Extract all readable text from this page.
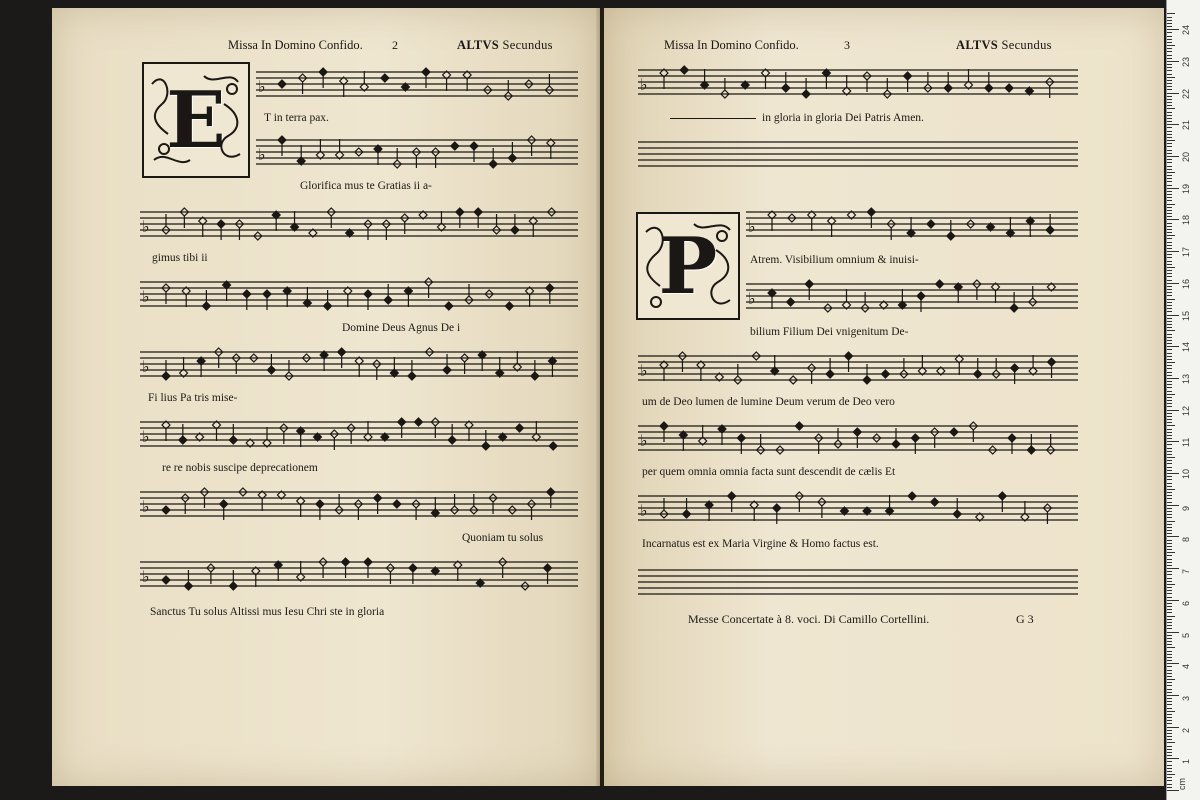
Missa In Domino Confido. 2	ALTVS Secundus
E ♭
T in terra pax.
♭
Glorifica mus te Gratias ii a-
♭
gimus tibi ii
♭
Domine Deus Agnus De i
♭
Fi lius Pa tris mise-
♭
re re nobis suscipe deprecationem
♭
Quoniam tu solus
♭
Sanctus Tu solus Altissi mus Iesu Chri ste in gloria
Missa In Domino Confido.	3	ALTVS Secundus
♭
in gloria in gloria Dei Patris Amen.
P ♭
Atrem. Visibilium omnium & inuisi-
♭
bilium Filium Dei vnigenitum De-
♭
um de Deo lumen de lumine Deum verum de Deo vero
♭
per quem omnia omnia facta sunt descendit de cælis Et
♭
Incarnatus est ex Maria Virgine & Homo factus est.
Messe Concertate à 8. voci. Di Camillo Cortellini.	G 3
cm
1
2
3
4
5
6
7
8
9
10
11
12
13
14
15
16
17
18
19
20
21
22
23
24
